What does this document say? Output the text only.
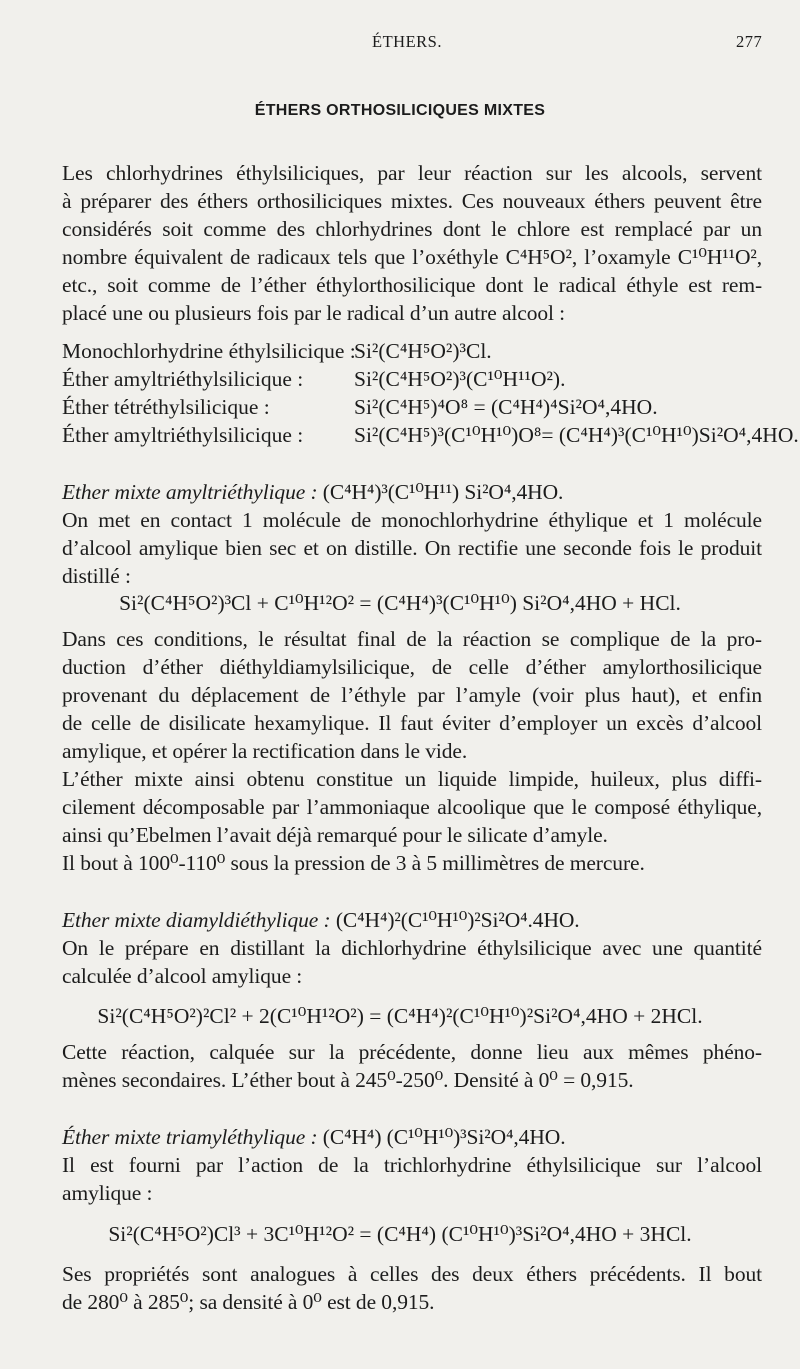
ÉTHERS.	277
ÉTHERS ORTHOSILICIQUES MIXTES
Les chlorhydrines éthylsiliciques, par leur réaction sur les alcools, servent
à préparer des éthers orthosiliciques mixtes. Ces nouveaux éthers peuvent être
considérés soit comme des chlorhydrines dont le chlore est remplacé par un
nombre équivalent de radicaux tels que l’oxéthyle C⁴H⁵O², l’oxamyle C¹⁰H¹¹O²,
etc., soit comme de l’éther éthylorthosilicique dont le radical éthyle est rem-
placé une ou plusieurs fois par le radical d’un autre alcool :
Monochlorhydrine éthylsilicique :Si²(C⁴H⁵O²)³Cl.
Éther amyltriéthylsilicique : Si²(C⁴H⁵O²)³(C¹⁰H¹¹O²).
Éther tétréthylsilicique :	Si²(C⁴H⁵)⁴O⁸ = (C⁴H⁴)⁴Si²O⁴,4HO.
Éther amyltriéthylsilicique : Si²(C⁴H⁵)³(C¹⁰H¹⁰)O⁸= (C⁴H⁴)³(C¹⁰H¹⁰)Si²O⁴,4HO.
Ether mixte amyltriéthylique : (C⁴H⁴)³(C¹⁰H¹¹) Si²O⁴,4HO.
On met en contact 1 molécule de monochlorhydrine éthylique et 1 molécule
d’alcool amylique bien sec et on distille. On rectifie une seconde fois le produit
distillé :
Si²(C⁴H⁵O²)³Cl + C¹⁰H¹²O² = (C⁴H⁴)³(C¹⁰H¹⁰) Si²O⁴,4HO + HCl.
Dans ces conditions, le résultat final de la réaction se complique de la pro-
duction d’éther diéthyldiamylsilicique, de celle d’éther amylorthosilicique
provenant du déplacement de l’éthyle par l’amyle (voir plus haut), et enfin
de celle de disilicate hexamylique. Il faut éviter d’employer un excès d’alcool
amylique, et opérer la rectification dans le vide.
L’éther mixte ainsi obtenu constitue un liquide limpide, huileux, plus diffi-
cilement décomposable par l’ammoniaque alcoolique que le composé éthylique,
ainsi qu’Ebelmen l’avait déjà remarqué pour le silicate d’amyle.
Il bout à 100⁰-110⁰ sous la pression de 3 à 5 millimètres de mercure.
Ether mixte diamyldiéthylique : (C⁴H⁴)²(C¹⁰H¹⁰)²Si²O⁴.4HO.
On le prépare en distillant la dichlorhydrine éthylsilicique avec une quantité
calculée d’alcool amylique :
Si²(C⁴H⁵O²)²Cl² + 2(C¹⁰H¹²O²) = (C⁴H⁴)²(C¹⁰H¹⁰)²Si²O⁴,4HO + 2HCl.
Cette réaction, calquée sur la précédente, donne lieu aux mêmes phéno-
mènes secondaires. L’éther bout à 245⁰-250⁰. Densité à 0⁰ = 0,915.
Éther mixte triamyléthylique : (C⁴H⁴) (C¹⁰H¹⁰)³Si²O⁴,4HO.
Il est fourni par l’action de la trichlorhydrine éthylsilicique sur l’alcool
amylique :
Si²(C⁴H⁵O²)Cl³ + 3C¹⁰H¹²O² = (C⁴H⁴) (C¹⁰H¹⁰)³Si²O⁴,4HO + 3HCl.
Ses propriétés sont analogues à celles des deux éthers précédents. Il bout
de 280⁰ à 285⁰; sa densité à 0⁰ est de 0,915.
